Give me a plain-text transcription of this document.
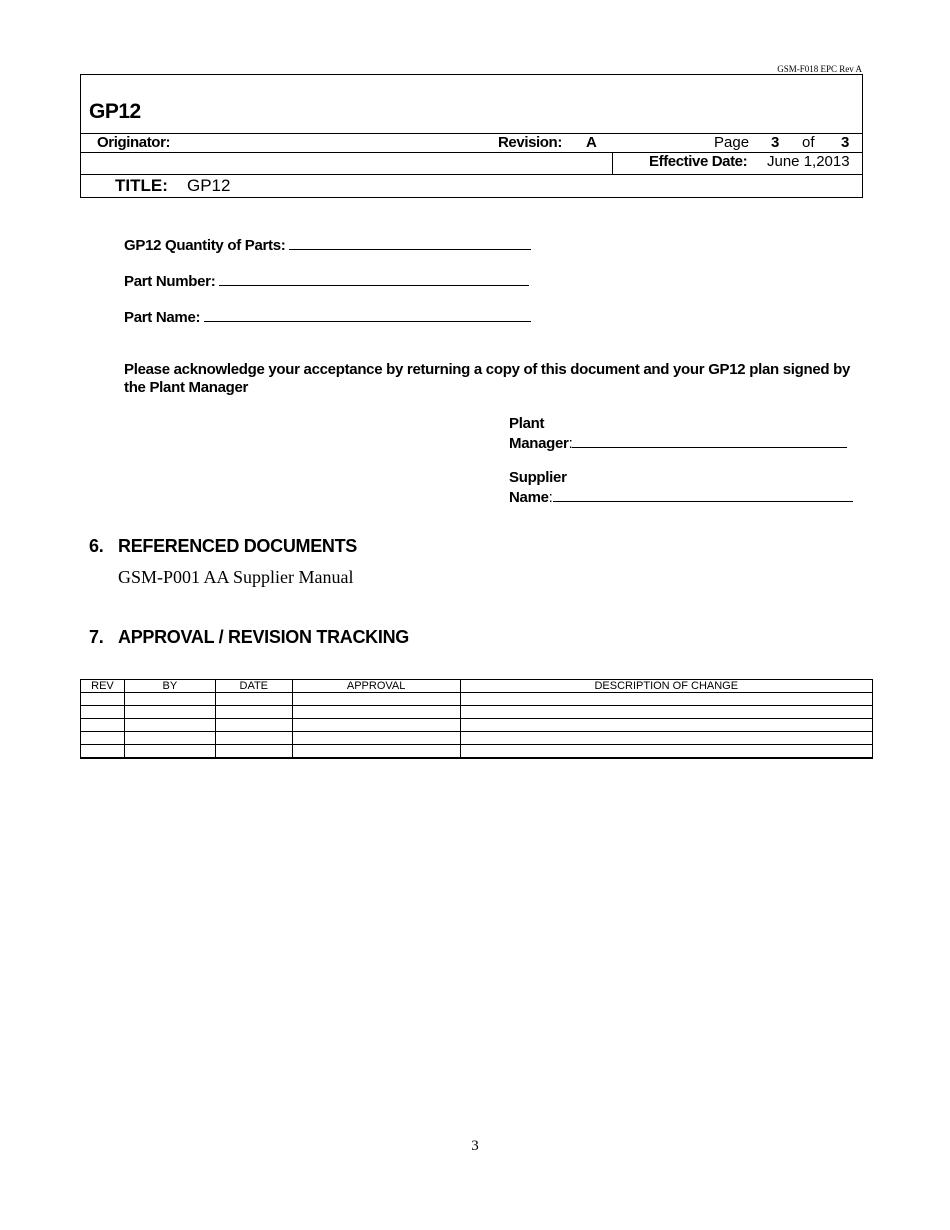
GSM-F018 EPC Rev A
GP12
Originator:	Revision: A	Page 3 of 3
Effective Date: June 1,2013
TITLE: GP12
GP12 Quantity of Parts:
Part Number:
Part Name:
Please acknowledge your acceptance by returning a copy of this document and your GP12 plan signed by the Plant Manager
Plant
Manager:
Supplier
Name:
6. REFERENCED DOCUMENTS
GSM-P001 AA Supplier Manual
7. APPROVAL / REVISION TRACKING
REV	BY	DATE	APPROVAL	DESCRIPTION OF CHANGE

3
